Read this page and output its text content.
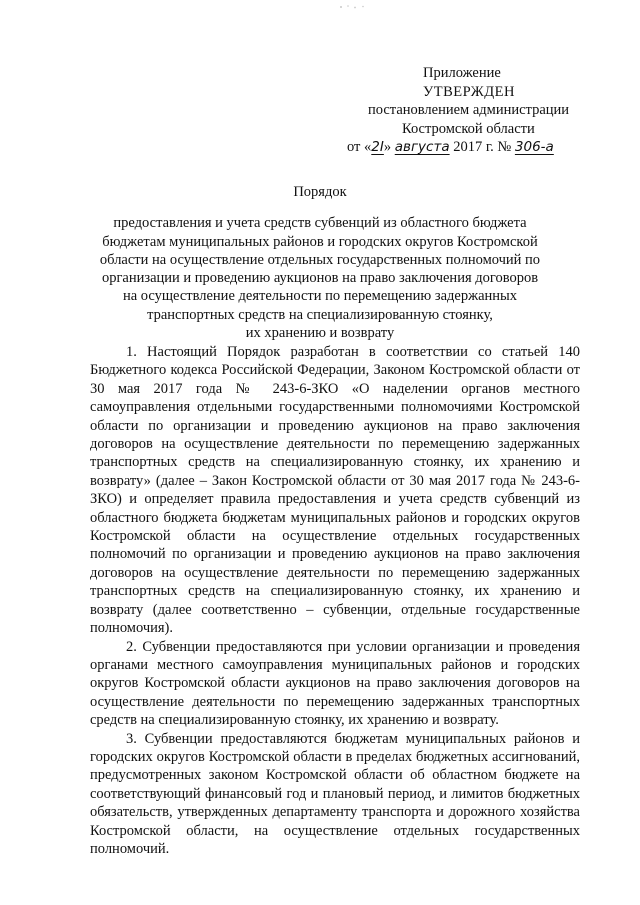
Приложение
УТВЕРЖДЕН
постановлением администрации
Костромской области
от «2I» августа 2017 г. № 306-а
Порядок
предоставления и учета средств субвенций из областного бюджета
бюджетам муниципальных районов и городских округов Костромской
области на осуществление отдельных государственных полномочий по
организации и проведению аукционов на право заключения договоров
на осуществление деятельности по перемещению задержанных
транспортных средств на специализированную стоянку,
их хранению и возврату

1. Настоящий Порядок разработан в соответствии со статьей 140 Бюджетного кодекса Российской Федерации, Законом Костромской области от 30 мая 2017 года № 243-6-ЗКО «О наделении органов местного самоуправления отдельными государственными полномочиями Костромской области по организации и проведению аукционов на право заключения договоров на осуществление деятельности по перемещению задержанных транспортных средств на специализированную стоянку, их хранению и возврату» (далее – Закон Костромской области от 30 мая 2017 года № 243-6-ЗКО) и определяет правила предоставления и учета средств субвенций из областного бюджета бюджетам муниципальных районов и городских округов Костромской области на осуществление отдельных государственных полномочий по организации и проведению аукционов на право заключения договоров на осуществление деятельности по перемещению задержанных транспортных средств на специализированную стоянку, их хранению и возврату (далее соответственно – субвенции, отдельные государственные полномочия).

2. Субвенции предоставляются при условии организации и проведения органами местного самоуправления муниципальных районов и городских округов Костромской области аукционов на право заключения договоров на осуществление деятельности по перемещению задержанных транспортных средств на специализированную стоянку, их хранению и возврату.

3. Субвенции предоставляются бюджетам муниципальных районов и городских округов Костромской области в пределах бюджетных ассигнований, предусмотренных законом Костромской области об областном бюджете на соответствующий финансовый год и плановый период, и лимитов бюджетных обязательств, утвержденных департаменту транспорта и дорожного хозяйства Костромской области, на осуществление отдельных государственных полномочий.
